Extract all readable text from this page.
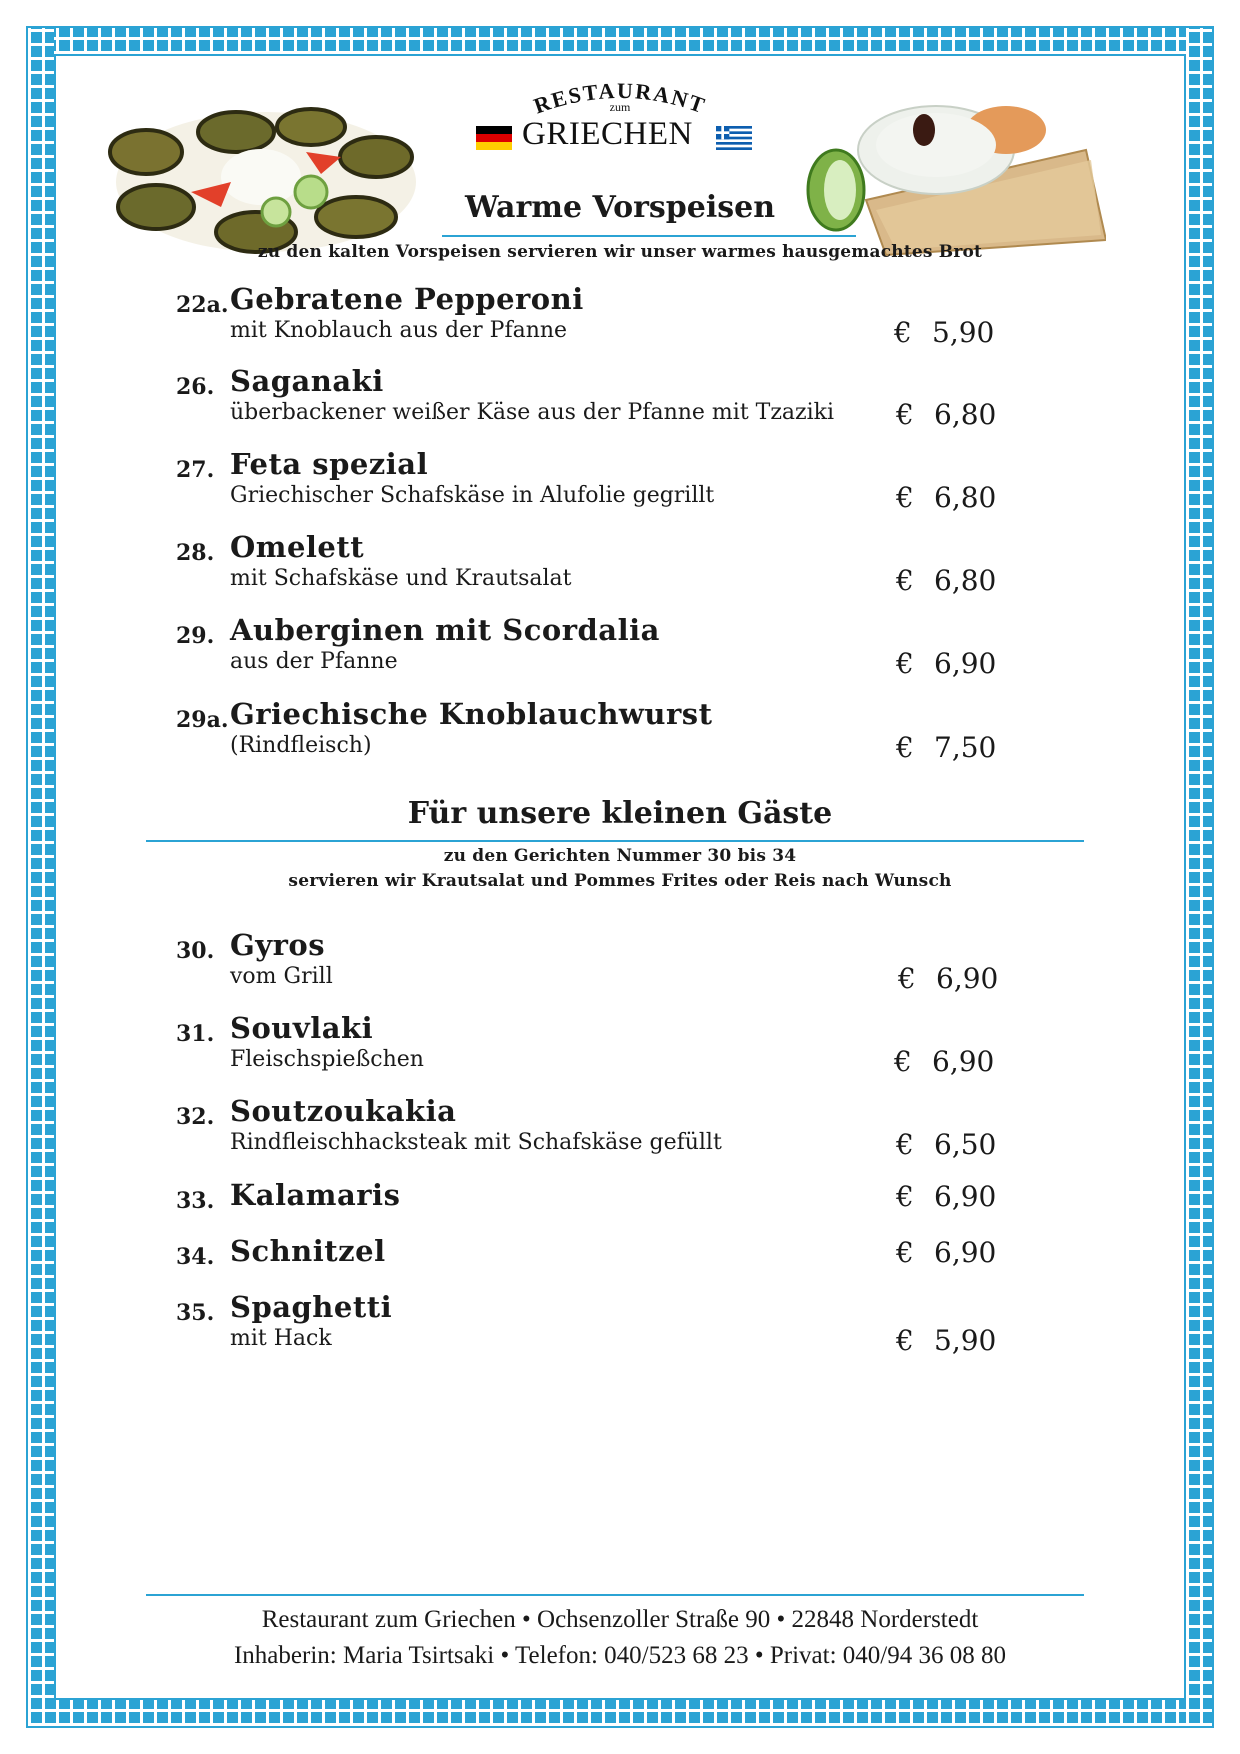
RESTAURANT
zum
GRIECHEN
Warme Vorspeisen
zu den kalten Vorspeisen servieren wir unser warmes hausgemachtes Brot
22a. Gebratene Pepperoni
mit Knoblauch aus der Pfanne	€ 5,90
26. Saganaki
überbackener weißer Käse aus der Pfanne mit Tzaziki € 6,80
27. Feta spezial
Griechischer Schafskäse in Alufolie gegrillt	€ 6,80
28. Omelett
mit Schafskäse und Krautsalat	€ 6,80
29. Auberginen mit Scordalia
aus der Pfanne	€ 6,90
29a. Griechische Knoblauchwurst
(Rindfleisch)	€ 7,50
Für unsere kleinen Gäste
zu den Gerichten Nummer 30 bis 34
servieren wir Krautsalat und Pommes Frites oder Reis nach Wunsch
30. Gyros
vom Grill	€ 6,90
31. Souvlaki
Fleischspießchen	€ 6,90
32. Soutzoukakia
Rindfleischhacksteak mit Schafskäse gefüllt	€ 6,50
33. Kalamaris	€ 6,90
34. Schnitzel	€ 6,90
35. Spaghetti
mit Hack	€ 5,90
Restaurant zum Griechen • Ochsenzoller Straße 90 • 22848 Norderstedt
Inhaberin: Maria Tsirtsaki • Telefon: 040/523 68 23 • Privat: 040/94 36 08 80
